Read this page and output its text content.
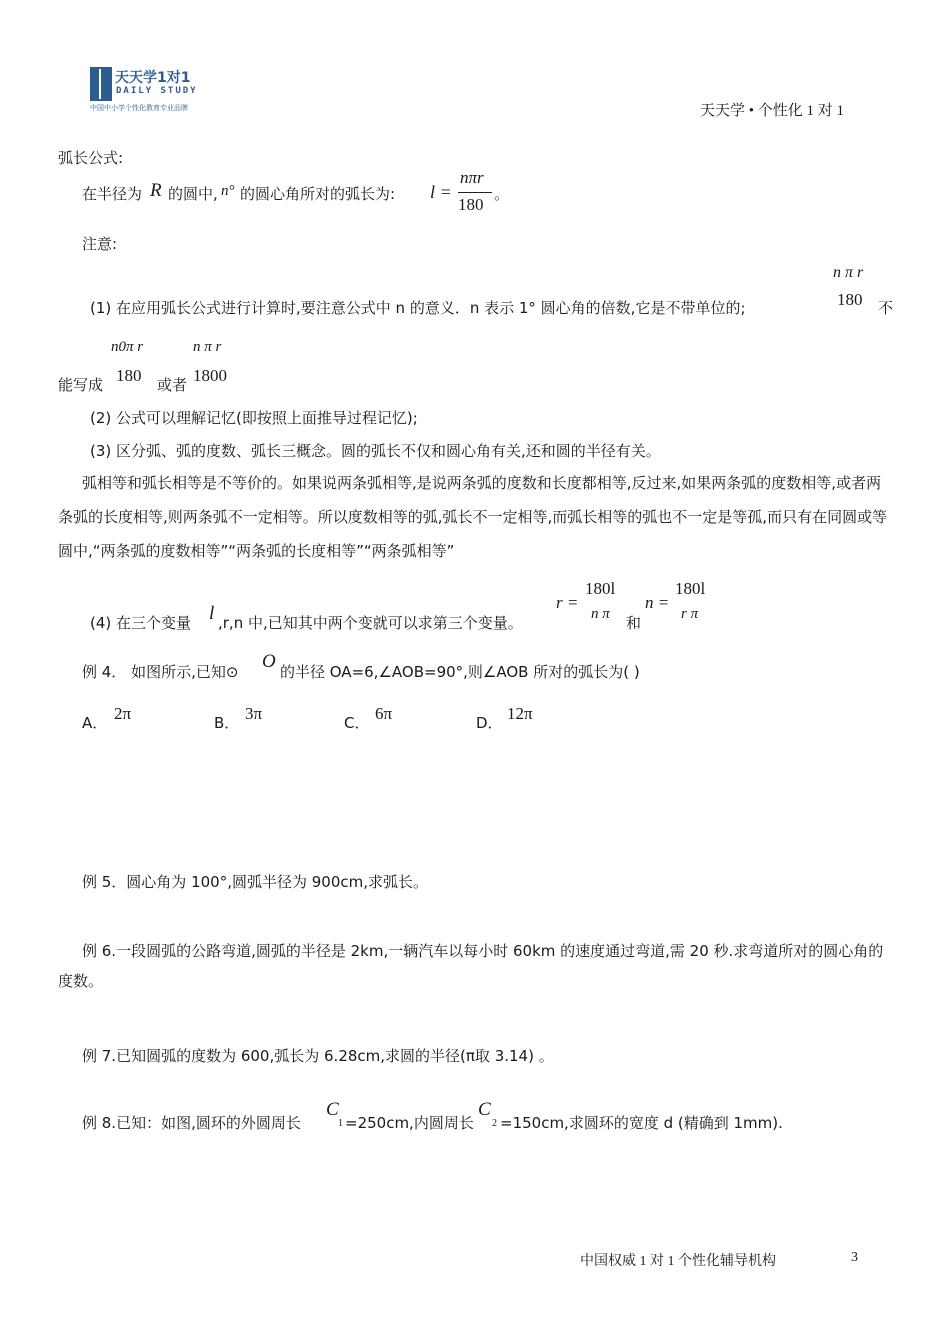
天天学1对1
DAILY STUDY
中国中小学个性化教育专业品牌	天天学 • 个性化 1 对 1
弧长公式:
在半径为 R 的圆中, n° 的圆心角所对的弧长为: l =
nπr
180
。
注意:
n π r
180
(1) 在应用弧长公式进行计算时,要注意公式中 n 的意义．n 表示 1° 圆心角的倍数,它是不带单位的;	不
n0π r
180
n π r
1800
能写成	或者
(2) 公式可以理解记忆(即按照上面推导过程记忆);
(3) 区分弧、弧的度数、弧长三概念。圆的弧长不仅和圆心角有关,还和圆的半径有关。
弧相等和弧长相等是不等价的。如果说两条弧相等,是说两条弧的度数和长度都相等,反过来,如果两条弧的度数相等,或者两条弧的长度相等,则两条弧不一定相等。所以度数相等的弧,弧长不一定相等,而弧长相等的弧也不一定是等孤,而只有在同圆或等圆中,“两条弧的度数相等”“两条弧的长度相等”“两条弧相等”
(4) 在三个变量 l ,r,n 中,已知其中两个变就可以求第三个变量。
r =
180l
n π 和
n =
180l
r π
例 4． 如图所示,已知⊙ O 的半径 OA=6,∠AOB=90°,则∠AOB 所对的弧长为( )
A． 2π	B． 3π	C． 6π	D． 12π
例 5．圆心角为 100°,圆弧半径为 900cm,求弧长。
例 6.一段圆弧的公路弯道,圆弧的半径是 2km,一辆汽车以每小时 60km 的速度通过弯道,需 20 秒.求弯道所对的圆心角的度数。
例 7.已知圆弧的度数为 600,弧长为 6.28cm,求圆的半径(π取 3.14) 。
例 8.已知：如图,圆环的外圆周长
C
1 =250cm,内圆周长
C
2 =150cm,求圆环的宽度 d (精确到 1mm).
中国权威 1 对 1 个性化辅导机构	3
